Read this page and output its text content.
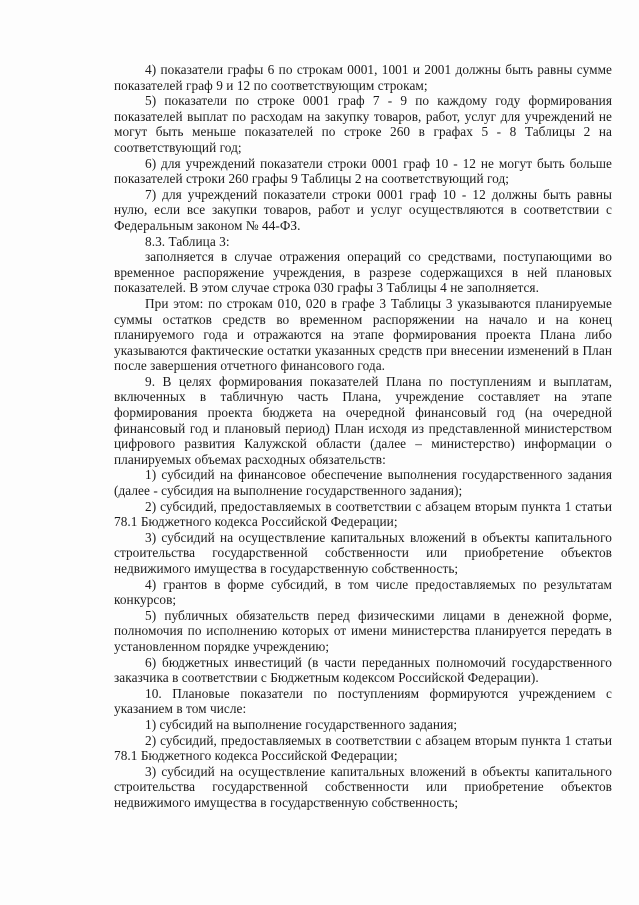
4) показатели графы 6 по строкам 0001, 1001 и 2001 должны быть равны сумме показателей граф 9 и 12 по соответствующим строкам;

5) показатели по строке 0001 граф 7 - 9 по каждому году формирования показателей выплат по расходам на закупку товаров, работ, услуг для учреждений не могут быть меньше показателей по строке 260 в графах 5 - 8 Таблицы 2 на соответствующий год;

6) для учреждений показатели строки 0001 граф 10 - 12 не могут быть больше показателей строки 260 графы 9 Таблицы 2 на соответствующий год;

7) для учреждений показатели строки 0001 граф 10 - 12 должны быть равны нулю, если все закупки товаров, работ и услуг осуществляются в соответствии с Федеральным законом № 44-ФЗ.

8.3. Таблица 3:

заполняется в случае отражения операций со средствами, поступающими во временное распоряжение учреждения, в разрезе содержащихся в ней плановых показателей. В этом случае строка 030 графы 3 Таблицы 4 не заполняется.

При этом: по строкам 010, 020 в графе 3 Таблицы 3 указываются планируемые суммы остатков средств во временном распоряжении на начало и на конец планируемого года и отражаются на этапе формирования проекта Плана либо указываются фактические остатки указанных средств при внесении изменений в План после завершения отчетного финансового года.

9. В целях формирования показателей Плана по поступлениям и выплатам, включенных в табличную часть Плана, учреждение составляет на этапе формирования проекта бюджета на очередной финансовый год (на очередной финансовый год и плановый период) План исходя из представленной министерством цифрового развития Калужской области (далее – министерство) информации о планируемых объемах расходных обязательств:

1) субсидий на финансовое обеспечение выполнения государственного задания (далее - субсидия на выполнение государственного задания);

2) субсидий, предоставляемых в соответствии с абзацем вторым пункта 1 статьи 78.1 Бюджетного кодекса Российской Федерации;

3) субсидий на осуществление капитальных вложений в объекты капитального строительства государственной собственности или приобретение объектов недвижимого имущества в государственную собственность;

4) грантов в форме субсидий, в том числе предоставляемых по результатам конкурсов;

5) публичных обязательств перед физическими лицами в денежной форме, полномочия по исполнению которых от имени министерства планируется передать в установленном порядке учреждению;

6) бюджетных инвестиций (в части переданных полномочий государственного заказчика в соответствии с Бюджетным кодексом Российской Федерации).

10. Плановые показатели по поступлениям формируются учреждением с указанием в том числе:

1) субсидий на выполнение государственного задания;

2) субсидий, предоставляемых в соответствии с абзацем вторым пункта 1 статьи 78.1 Бюджетного кодекса Российской Федерации;

3) субсидий на осуществление капитальных вложений в объекты капитального строительства государственной собственности или приобретение объектов недвижимого имущества в государственную собственность;
